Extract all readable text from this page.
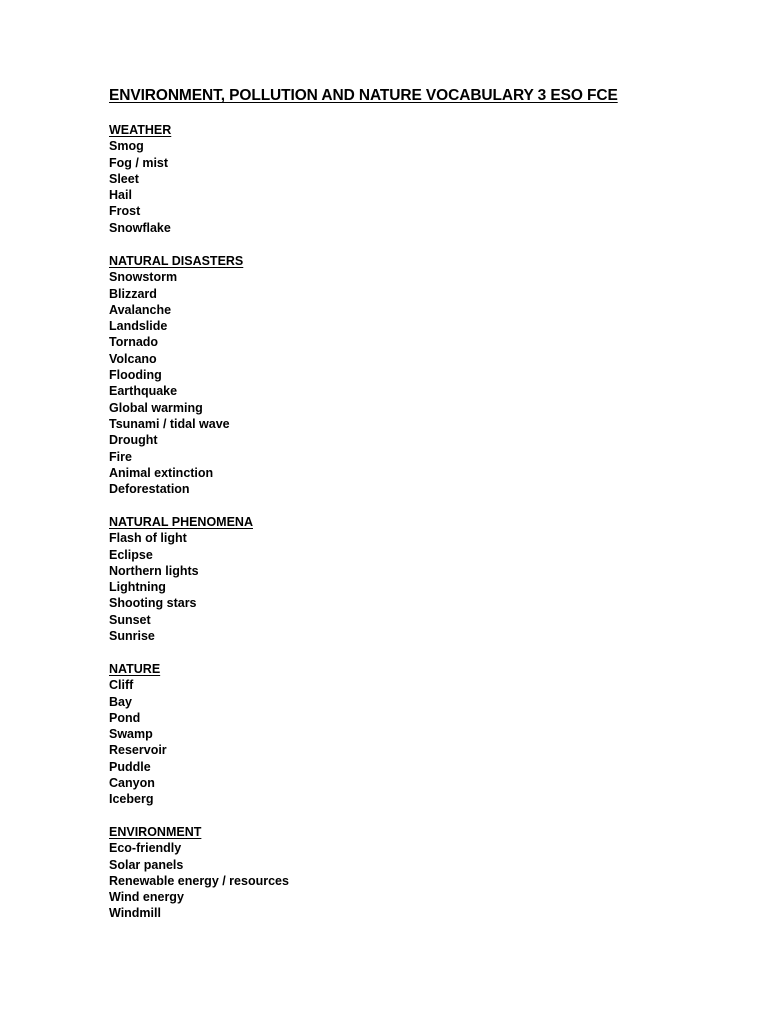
ENVIRONMENT, POLLUTION AND NATURE VOCABULARY 3 ESO FCE
WEATHER
Smog
Fog / mist
Sleet
Hail
Frost
Snowflake
NATURAL DISASTERS
Snowstorm
Blizzard
Avalanche
Landslide
Tornado
Volcano
Flooding
Earthquake
Global warming
Tsunami / tidal wave
Drought
Fire
Animal extinction
Deforestation
NATURAL PHENOMENA
Flash of light
Eclipse
Northern lights
Lightning
Shooting stars
Sunset
Sunrise
NATURE
Cliff
Bay
Pond
Swamp
Reservoir
Puddle
Canyon
Iceberg
ENVIRONMENT
Eco-friendly
Solar panels
Renewable energy / resources
Wind energy
Windmill
